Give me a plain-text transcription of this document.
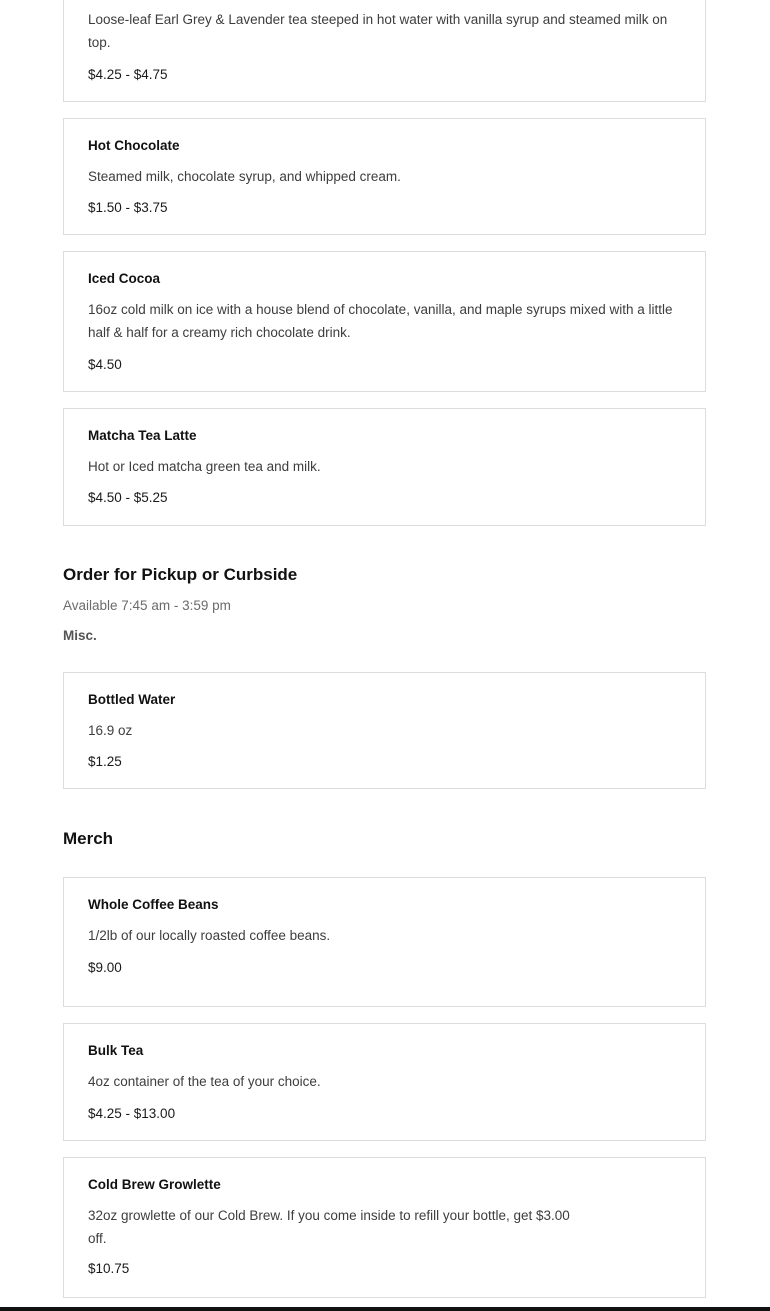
Loose-leaf Earl Grey & Lavender tea steeped in hot water with vanilla syrup and steamed milk on top.
$4.25 - $4.75
Hot Chocolate
Steamed milk, chocolate syrup, and whipped cream.
$1.50 - $3.75
Iced Cocoa
16oz cold milk on ice with a house blend of chocolate, vanilla, and maple syrups mixed with a little half & half for a creamy rich chocolate drink.
$4.50
Matcha Tea Latte
Hot or Iced matcha green tea and milk.
$4.50 - $5.25
Order for Pickup or Curbside
Available 7:45 am - 3:59 pm
Misc.
Bottled Water
16.9 oz
$1.25
Merch
Whole Coffee Beans
1/2lb of our locally roasted coffee beans.
$9.00
Bulk Tea
4oz container of the tea of your choice.
$4.25 - $13.00
Cold Brew Growlette
32oz growlette of our Cold Brew. If you come inside to refill your bottle, get $3.00 off.
$10.75
